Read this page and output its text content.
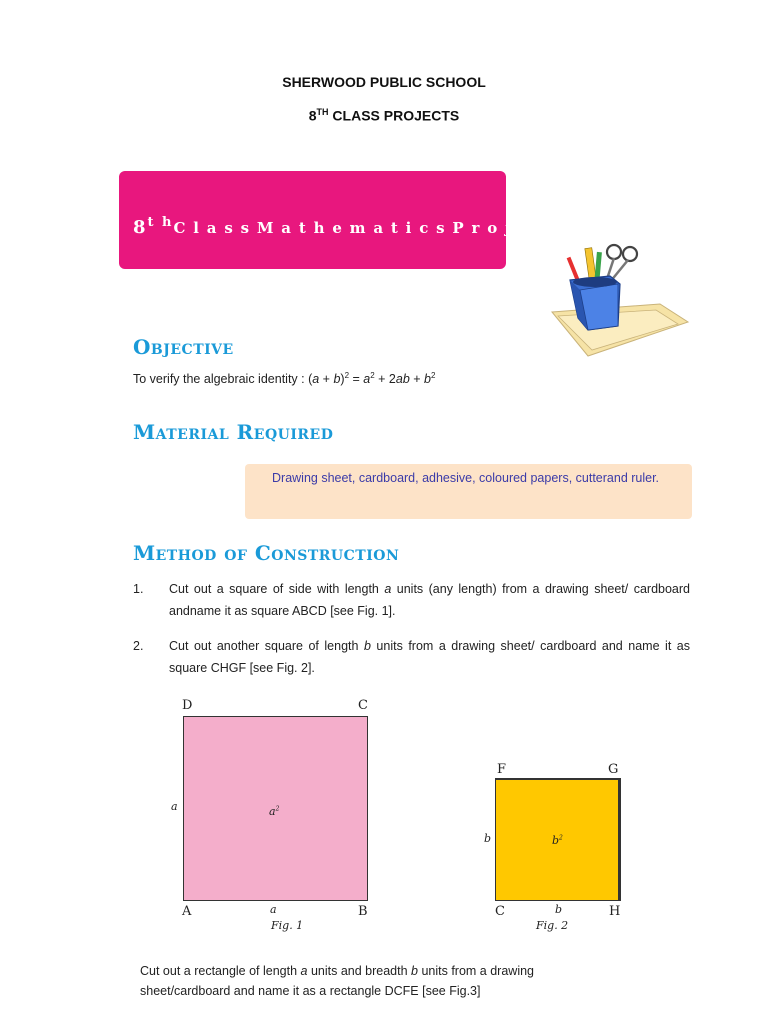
SHERWOOD PUBLIC SCHOOL
8TH CLASS PROJECTS
$8^{t h}C$ l a s s M a t h e m a t i c s P r o j e c t
Objective
To verify the algebraic identity : $(a + b)^2 = a^2 + 2ab + b^2$
Material Required
Drawing sheet, cardboard, adhesive, coloured papers, cutterand ruler.
Method of Construction
1. Cut out a square of side with length a units (any length) from a drawing sheet/ cardboard andname it as square ABCD [see Fig. 1].
2. Cut out another square of length b units from a drawing sheet/ cardboard and name it as square CHGF [see Fig. 2].
D	C
a	$a^2$
A	a	B
Fig. 1
F	G
b	$b^2$
C	b	H
Fig. 2
Cut out a rectangle of length a units and breadth b units from a drawing sheet/cardboard and name it as a rectangle DCFE [see Fig.3]
